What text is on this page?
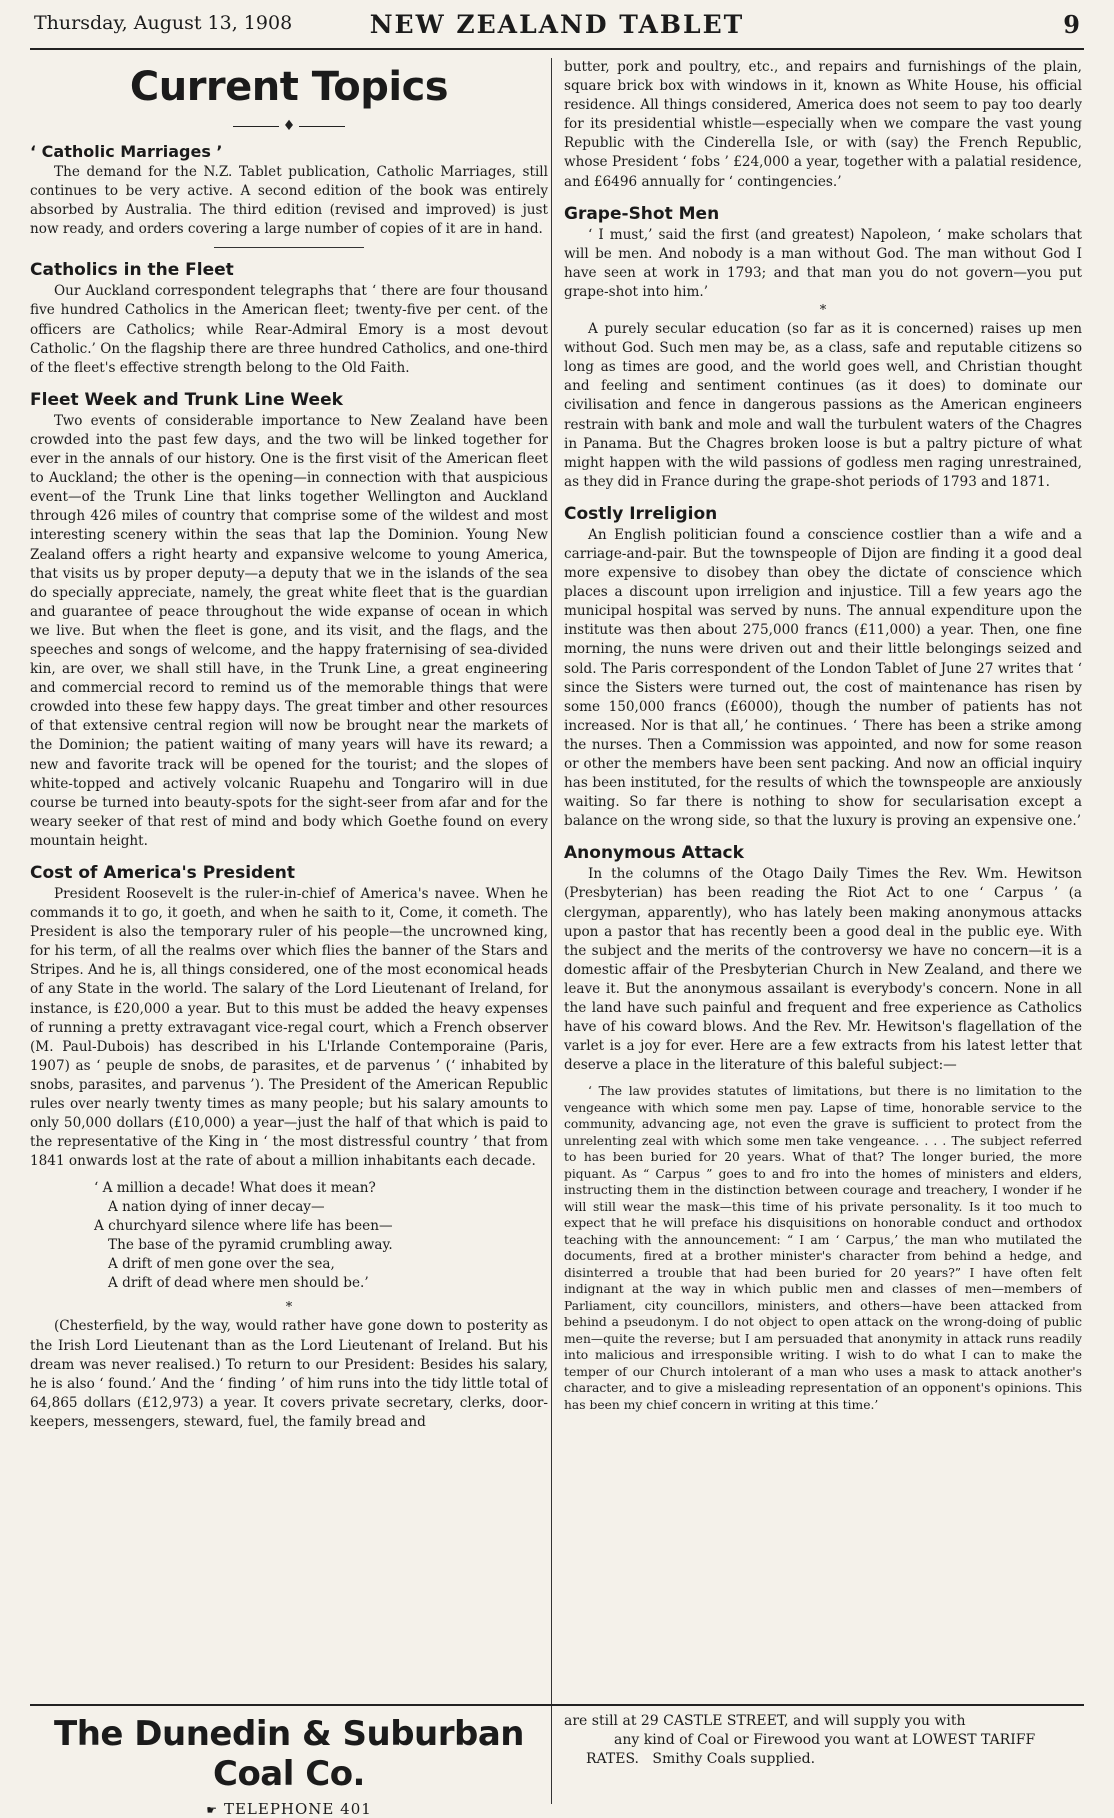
Thursday, August 13, 1908	NEW ZEALAND TABLET	9
Current Topics
♦
‘ Catholic Marriages ’

The demand for the N.Z. Tablet publication, Catholic Marriages, still continues to be very active. A second edition of the book was entirely absorbed by Australia. The third edition (revised and improved) is just now ready, and orders covering a large number of copies of it are in hand.

Catholics in the Fleet

Our Auckland correspondent telegraphs that ‘ there are four thousand five hundred Catholics in the American fleet; twenty-five per cent. of the officers are Catholics; while Rear-Admiral Emory is a most devout Catholic.’ On the flagship there are three hundred Catholics, and one-third of the fleet's effective strength belong to the Old Faith.

Fleet Week and Trunk Line Week

Two events of considerable importance to New Zealand have been crowded into the past few days, and the two will be linked together for ever in the annals of our history. One is the first visit of the American fleet to Auckland; the other is the opening—in connection with that auspicious event—of the Trunk Line that links together Wellington and Auckland through 426 miles of country that comprise some of the wildest and most interesting scenery within the seas that lap the Dominion. Young New Zealand offers a right hearty and expansive welcome to young America, that visits us by proper deputy—a deputy that we in the islands of the sea do specially appreciate, namely, the great white fleet that is the guardian and guarantee of peace throughout the wide expanse of ocean in which we live. But when the fleet is gone, and its visit, and the flags, and the speeches and songs of welcome, and the happy fraternising of sea-divided kin, are over, we shall still have, in the Trunk Line, a great engineering and commercial record to remind us of the memorable things that were crowded into these few happy days. The great timber and other resources of that extensive central region will now be brought near the markets of the Dominion; the patient waiting of many years will have its reward; a new and favorite track will be opened for the tourist; and the slopes of white-topped and actively volcanic Ruapehu and Tongariro will in due course be turned into beauty-spots for the sight-seer from afar and for the weary seeker of that rest of mind and body which Goethe found on every mountain height.

Cost of America's President

President Roosevelt is the ruler-in-chief of America's navee. When he commands it to go, it goeth, and when he saith to it, Come, it cometh. The President is also the temporary ruler of his people—the uncrowned king, for his term, of all the realms over which flies the banner of the Stars and Stripes. And he is, all things considered, one of the most economical heads of any State in the world. The salary of the Lord Lieutenant of Ireland, for instance, is £20,000 a year. But to this must be added the heavy expenses of running a pretty extravagant vice-regal court, which a French observer (M. Paul-Dubois) has described in his L'Irlande Contemporaine (Paris, 1907) as ‘ peuple de snobs, de parasites, et de parvenus ’ (‘ inhabited by snobs, parasites, and parvenus ’). The President of the American Republic rules over nearly twenty times as many people; but his salary amounts to only 50,000 dollars (£10,000) a year—just the half of that which is paid to the representative of the King in ‘ the most distressful country ’ that from 1841 onwards lost at the rate of about a million inhabitants each decade.

‘ A million a decade! What does it mean?
A nation dying of inner decay—
A churchyard silence where life has been—
The base of the pyramid crumbling away.
A drift of men gone over the sea,
A drift of dead where men should be.’
*

(Chesterfield, by the way, would rather have gone down to posterity as the Irish Lord Lieutenant than as the Lord Lieutenant of Ireland. But his dream was never realised.) To return to our President: Besides his salary, he is also ‘ found.’ And the ‘ finding ’ of him runs into the tidy little total of 64,865 dollars (£12,973) a year. It covers private secretary, clerks, door-keepers, messengers, steward, fuel, the family bread and

butter, pork and poultry, etc., and repairs and furnishings of the plain, square brick box with windows in it, known as White House, his official residence. All things considered, America does not seem to pay too dearly for its presidential whistle—especially when we compare the vast young Republic with the Cinderella Isle, or with (say) the French Republic, whose President ‘ fobs ’ £24,000 a year, together with a palatial residence, and £6496 annually for ‘ contingencies.’

Grape-Shot Men

‘ I must,’ said the first (and greatest) Napoleon, ‘ make scholars that will be men. And nobody is a man without God. The man without God I have seen at work in 1793; and that man you do not govern—you put grape-shot into him.’

*

A purely secular education (so far as it is concerned) raises up men without God. Such men may be, as a class, safe and reputable citizens so long as times are good, and the world goes well, and Christian thought and feeling and sentiment continues (as it does) to dominate our civilisation and fence in dangerous passions as the American engineers restrain with bank and mole and wall the turbulent waters of the Chagres in Panama. But the Chagres broken loose is but a paltry picture of what might happen with the wild passions of godless men raging unrestrained, as they did in France during the grape-shot periods of 1793 and 1871.

Costly Irreligion

An English politician found a conscience costlier than a wife and a carriage-and-pair. But the townspeople of Dijon are finding it a good deal more expensive to disobey than obey the dictate of conscience which places a discount upon irreligion and injustice. Till a few years ago the municipal hospital was served by nuns. The annual expenditure upon the institute was then about 275,000 francs (£11,000) a year. Then, one fine morning, the nuns were driven out and their little belongings seized and sold. The Paris correspondent of the London Tablet of June 27 writes that ‘ since the Sisters were turned out, the cost of maintenance has risen by some 150,000 francs (£6000), though the number of patients has not increased. Nor is that all,’ he continues. ‘ There has been a strike among the nurses. Then a Commission was appointed, and now for some reason or other the members have been sent packing. And now an official inquiry has been instituted, for the results of which the townspeople are anxiously waiting. So far there is nothing to show for secularisation except a balance on the wrong side, so that the luxury is proving an expensive one.’

Anonymous Attack

In the columns of the Otago Daily Times the Rev. Wm. Hewitson (Presbyterian) has been reading the Riot Act to one ‘ Carpus ’ (a clergyman, apparently), who has lately been making anonymous attacks upon a pastor that has recently been a good deal in the public eye. With the subject and the merits of the controversy we have no concern—it is a domestic affair of the Presbyterian Church in New Zealand, and there we leave it. But the anonymous assailant is everybody's concern. None in all the land have such painful and frequent and free experience as Catholics have of his coward blows. And the Rev. Mr. Hewitson's flagellation of the varlet is a joy for ever. Here are a few extracts from his latest letter that deserve a place in the literature of this baleful subject:—

‘ The law provides statutes of limitations, but there is no limitation to the vengeance with which some men pay. Lapse of time, honorable service to the community, advancing age, not even the grave is sufficient to protect from the unrelenting zeal with which some men take vengeance. . . . The subject referred to has been buried for 20 years. What of that? The longer buried, the more piquant. As “ Carpus ” goes to and fro into the homes of ministers and elders, instructing them in the distinction between courage and treachery, I wonder if he will still wear the mask—this time of his private personality. Is it too much to expect that he will preface his disquisitions on honorable conduct and orthodox teaching with the announcement: “ I am ‘ Carpus,’ the man who mutilated the documents, fired at a brother minister's character from behind a hedge, and disinterred a trouble that had been buried for 20 years?” I have often felt indignant at the way in which public men and classes of men—members of Parliament, city councillors, ministers, and others—have been attacked from behind a pseudonym. I do not object to open attack on the wrong-doing of public men—quite the reverse; but I am persuaded that anonymity in attack runs readily into malicious and irresponsible writing. I wish to do what I can to make the temper of our Church intolerant of a man who uses a mask to attack another's character, and to give a misleading representation of an opponent's opinions. This has been my chief concern in writing at this time.’

The Dunedin & Suburban Coal Co.
☛ TELEPHONE 401
are still at 29 CASTLE STREET, and will supply you with
any kind of Coal or Firewood you want at LOWEST TARIFF
RATES. Smithy Coals supplied.
